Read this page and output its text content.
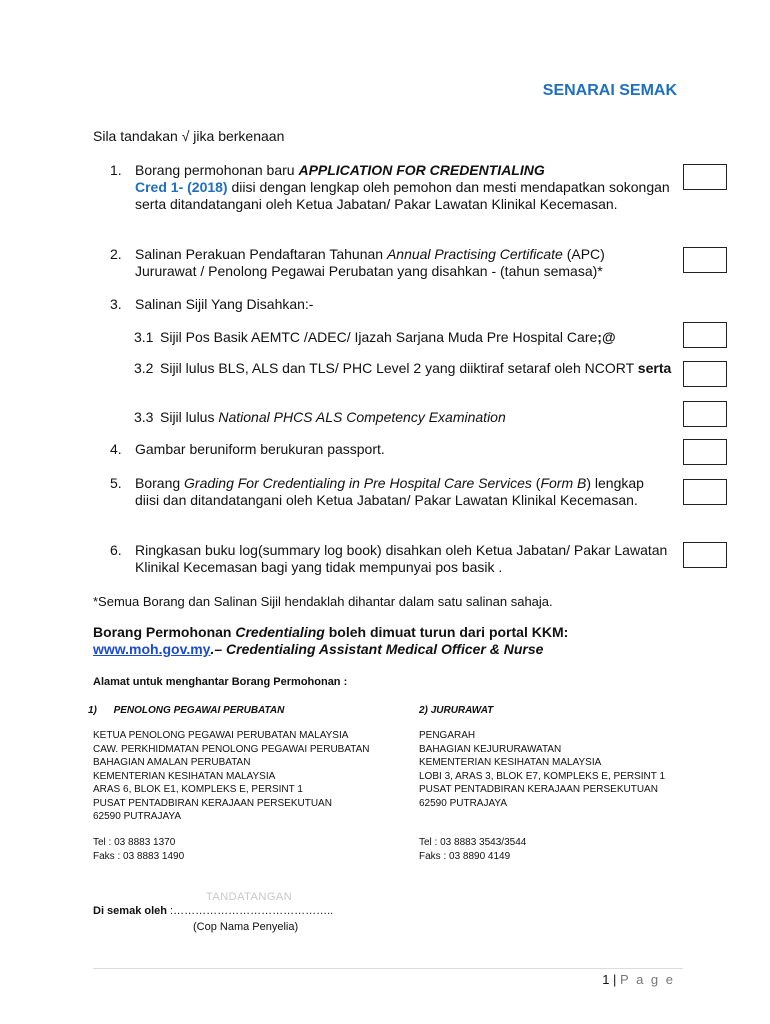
SENARAI SEMAK
Sila tandakan √ jika berkenaan
1. Borang permohonan baru APPLICATION FOR CREDENTIALING
Cred 1- (2018) diisi dengan lengkap oleh pemohon dan mesti mendapatkan sokongan serta ditandatangani oleh Ketua Jabatan/ Pakar Lawatan Klinikal Kecemasan.
2. Salinan Perakuan Pendaftaran Tahunan Annual Practising Certificate (APC) Jururawat / Penolong Pegawai Perubatan yang disahkan - (tahun semasa)*
3. Salinan Sijil Yang Disahkan:-
3.1 Sijil Pos Basik AEMTC /ADEC/ Ijazah Sarjana Muda Pre Hospital Care;@
3.2 Sijil lulus BLS, ALS dan TLS/ PHC Level 2 yang diiktiraf setaraf oleh NCORT serta
3.3 Sijil lulus National PHCS ALS Competency Examination
4. Gambar beruniform berukuran passport.
5. Borang Grading For Credentialing in Pre Hospital Care Services (Form B) lengkap diisi dan ditandatangani oleh Ketua Jabatan/ Pakar Lawatan Klinikal Kecemasan.
6. Ringkasan buku log(summary log book) disahkan oleh Ketua Jabatan/ Pakar Lawatan Klinikal Kecemasan bagi yang tidak mempunyai pos basik .
*Semua Borang dan Salinan Sijil hendaklah dihantar dalam satu salinan sahaja.
Borang Permohonan Credentialing boleh dimuat turun dari portal KKM:
www.moh.gov.my.– Credentialing Assistant Medical Officer & Nurse
Alamat untuk menghantar Borang Permohonan :
1) PENOLONG PEGAWAI PERUBATAN
KETUA PENOLONG PEGAWAI PERUBATAN MALAYSIA
CAW. PERKHIDMATAN PENOLONG PEGAWAI PERUBATAN
BAHAGIAN AMALAN PERUBATAN
KEMENTERIAN KESIHATAN MALAYSIA
ARAS 6, BLOK E1, KOMPLEKS E, PERSINT 1
PUSAT PENTADBIRAN KERAJAAN PERSEKUTUAN
62590 PUTRAJAYA
Tel : 03 8883 1370
Faks : 03 8883 1490
2) JURURAWAT
PENGARAH
BAHAGIAN KEJURURAWATAN
KEMENTERIAN KESIHATAN MALAYSIA
LOBI 3, ARAS 3, BLOK E7, KOMPLEKS E, PERSINT 1
PUSAT PENTADBIRAN KERAJAAN PERSEKUTUAN
62590 PUTRAJAYA
Tel : 03 8883 3543/3544
Faks : 03 8890 4149
TANDATANGAN
Di semak oleh :……………………………………..
(Cop Nama Penyelia)
1 | P a g e
